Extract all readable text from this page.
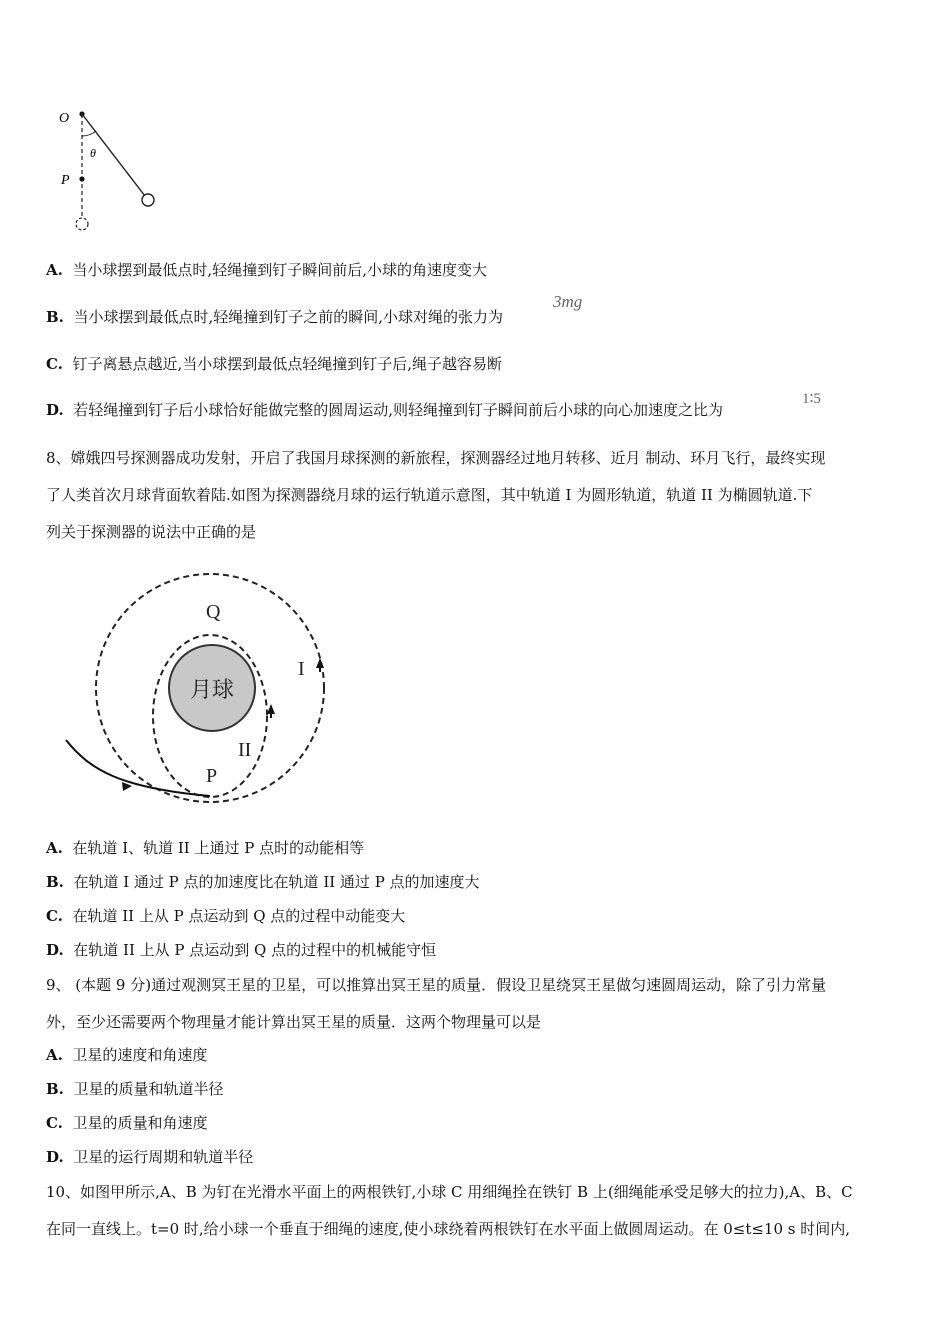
O
θ
P
A. 当小球摆到最低点时,轻绳撞到钉子瞬间前后,小球的角速度变大
B. 当小球摆到最低点时,轻绳撞到钉子之前的瞬间,小球对绳的张力为
3mg
C. 钉子离悬点越近,当小球摆到最低点轻绳撞到钉子后,绳子越容易断
D. 若轻绳撞到钉子后小球恰好能做完整的圆周运动,则轻绳撞到钉子瞬间前后小球的向心加速度之比为
1∶5
8、嫦娥四号探测器成功发射，开启了我国月球探测的新旅程，探测器经过地月转移、近月 制动、环月飞行，最终实现
了人类首次月球背面软着陆.如图为探测器绕月球的运行轨道示意图，其中轨道 I 为圆形轨道，轨道 II 为椭圆轨道.下
列关于探测器的说法中正确的是
月球
Q
I
II
P
A. 在轨道 I、轨道 II 上通过 P 点时的动能相等
B. 在轨道 I 通过 P 点的加速度比在轨道 II 通过 P 点的加速度大
C. 在轨道 II 上从 P 点运动到 Q 点的过程中动能变大
D. 在轨道 II 上从 P 点运动到 Q 点的过程中的机械能守恒
9、 (本题 9 分)通过观测冥王星的卫星，可以推算出冥王星的质量．假设卫星绕冥王星做匀速圆周运动，除了引力常量
外，至少还需要两个物理量才能计算出冥王星的质量．这两个物理量可以是
A. 卫星的速度和角速度
B. 卫星的质量和轨道半径
C. 卫星的质量和角速度
D. 卫星的运行周期和轨道半径
10、如图甲所示,A、B 为钉在光滑水平面上的两根铁钉,小球 C 用细绳拴在铁钉 B 上(细绳能承受足够大的拉力),A、B、C
在同一直线上。t=0 时,给小球一个垂直于细绳的速度,使小球绕着两根铁钉在水平面上做圆周运动。在 0≤t≤10 s 时间内,
